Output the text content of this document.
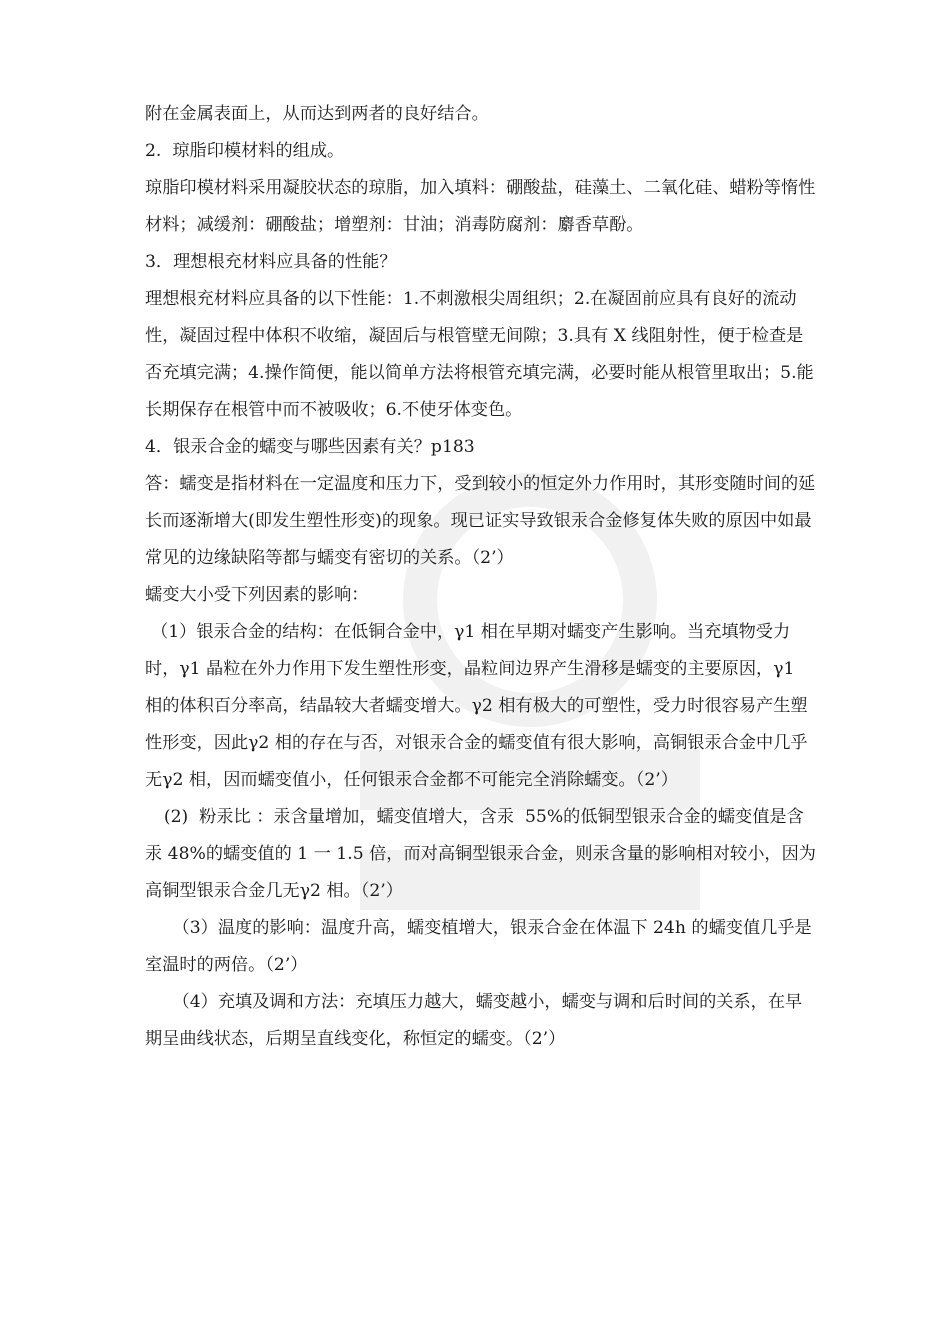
附在金属表面上，从而达到两者的良好结合。

2.  琼脂印模材料的组成。

琼脂印模材料采用凝胶状态的琼脂，加入填料：硼酸盐，硅藻土、二氧化硅、蜡粉等惰性材料；减缓剂：硼酸盐；增塑剂：甘油；消毒防腐剂：麝香草酚。

3．理想根充材料应具备的性能？

理想根充材料应具备的以下性能：1.不刺激根尖周组织；2.在凝固前应具有良好的流动性，凝固过程中体积不收缩，凝固后与根管壁无间隙；3.具有 X 线阻射性，便于检查是否充填完满；4.操作简便，能以简单方法将根管充填完满，必要时能从根管里取出；5.能长期保存在根管中而不被吸收；6.不使牙体变色。

4．银汞合金的蠕变与哪些因素有关？p183

答：蠕变是指材料在一定温度和压力下，受到较小的恒定外力作用时，其形变随时间的延长而逐渐增大(即发生塑性形变)的现象。现已证实导致银汞合金修复体失败的原因中如最常见的边缘缺陷等都与蠕变有密切的关系。（2’）

蠕变大小受下列因素的影响：

（1）银汞合金的结构：在低铜合金中，γ1 相在早期对蠕变产生影响。当充填物受力时，γ1 晶粒在外力作用下发生塑性形变，晶粒间边界产生滑移是蠕变的主要原因，γ1 相的体积百分率高，结晶较大者蠕变增大。γ2 相有极大的可塑性，受力时很容易产生塑性形变，因此γ2 相的存在与否，对银汞合金的蠕变值有很大影响，高铜银汞合金中几乎无γ2 相，因而蠕变值小，任何银汞合金都不可能完全消除蠕变。（2’）

(2)  粉汞比 ：汞含量增加，蠕变值增大，含汞  55%的低铜型银汞合金的蠕变值是含汞 48%的蠕变值的 1 一 1.5 倍，而对高铜型银汞合金，则汞含量的影响相对较小，因为高铜型银汞合金几无γ2 相。（2’）

（3）温度的影响：温度升高，蠕变植增大，银汞合金在体温下 24h 的蠕变值几乎是室温时的两倍。（2’）

（4）充填及调和方法：充填压力越大，蠕变越小，蠕变与调和后时间的关系，在早期呈曲线状态，后期呈直线变化，称恒定的蠕变。（2’）
